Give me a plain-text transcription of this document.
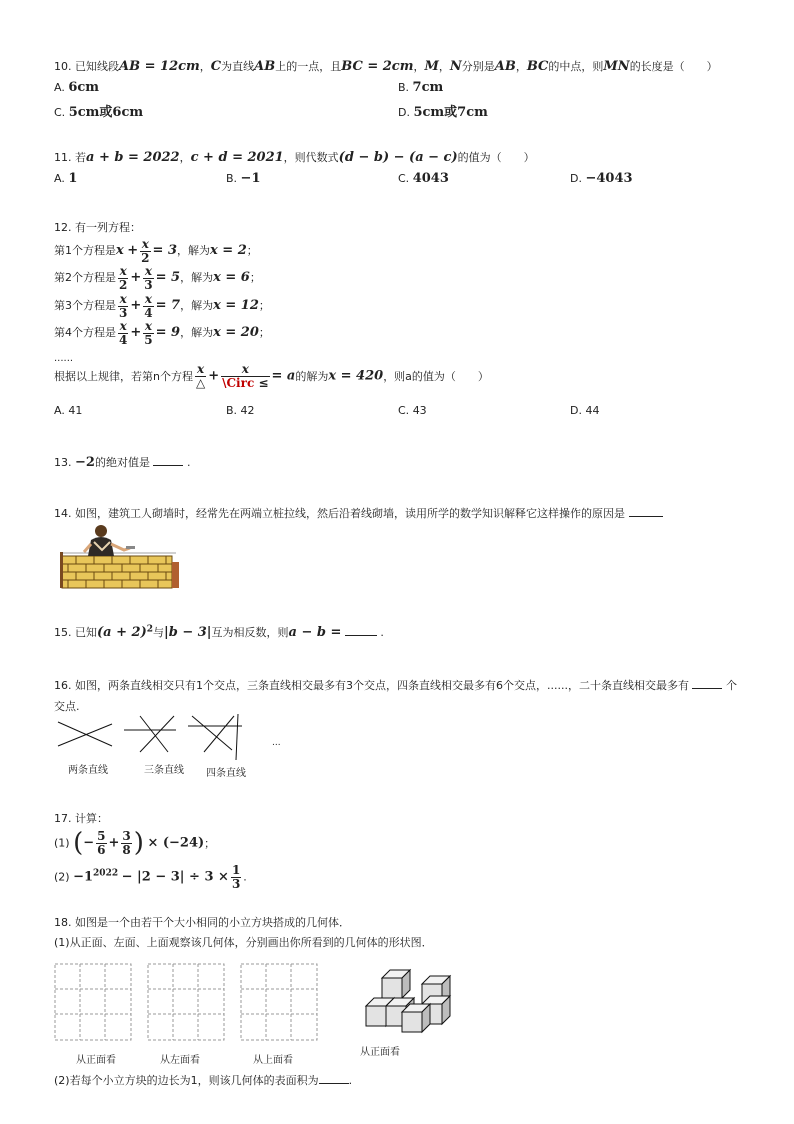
10. 已知线段AB = 12cm，C为直线AB上的一点，且BC = 2cm，M，N分别是AB，BC的中点，则MN的长度是（　　）
A. 6cm	B. 7cm
C. 5cm或6cm	D. 5cm或7cm
11. 若a + b = 2022，c + d = 2021，则代数式(d − b) − (a − c)的值为（　　）
A. 1	B. −1	C. 4043	D. −4043
12. 有一列方程：
第1个方程是$x + \frac{x}{2} = 3$，解为x = 2；
第2个方程是 $\frac{x}{2} + \frac{x}{3} = 5$，解为x = 6；
第3个方程是 $\frac{x}{3} + \frac{x}{4} = 7$，解为x = 12；
第4个方程是 $\frac{x}{4} + \frac{x}{5} = 9$，解为x = 20；
......
根据以上规律，若第n个方程 $\frac{x}{\triangle} + \frac{x}{\text{\textbackslash{}Circ ≤}} = a$的解为x = 420，则a的值为（　　）
A. 41	B. 42	C. 43	D. 44
13. −2的绝对值是	.
14. 如图，建筑工人砌墙时，经常先在两端立桩拉线，然后沿着线砌墙，读用所学的数学知识解释它这样操作的原因是
15. 已知$(a + 2)^2$与|b − 3|互为相反数，则a − b =	.
16. 如图，两条直线相交只有1个交点，三条直线相交最多有3个交点，四条直线相交最多有6个交点，......，二十条直线相交最多有	个
交点.
两条直线	三条直线 四条直线
...
17. 计算：
(1) (− $\frac{5}{6} + \frac{3}{8}$ ) × (−24)；
$(2) -1^{2022} - |2 - 3| \div 3 \times \frac{1}{3}$ .
18. 如图是一个由若干个大小相同的小立方块搭成的几何体．
(1)从正面、左面、上面观察该几何体，分别画出你所看到的几何体的形状图．
从正面看	从左面看	从上面看
从正面看
(2)若每个小立方块的边长为1，则该几何体的表面积为	.
